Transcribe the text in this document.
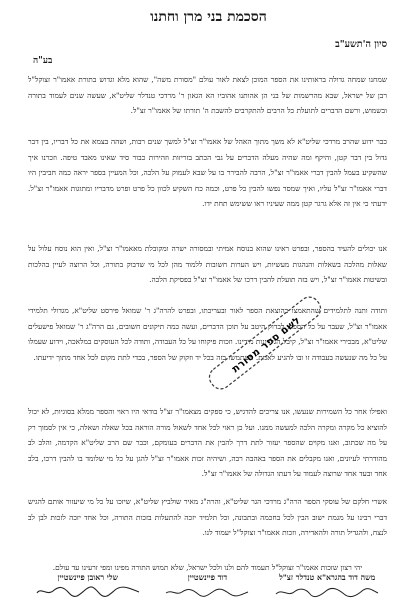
הסכמת בני מרן וחתנו
סיון ה'תשע"ב
בע"ה

שמחנו שמחה גדולה בראותינו את הספר המוכן לצאת לאור עולם "מסורת משה", שהוא מלא וגדוש בתורת אאמו"ר זצוקל"ל רבן של ישראל, שבא מהרשמות של בני הן אהותנו אהוביו הא הגאון ר' מרדכי טנדלר שליט"א, שעשה שנים לעמוד בתורה ובשמוש, ורשם הדברים לתועלת כל הרבים להתקרבים להשבת ה' תורתו של אאמו"ר זצ"ל.

כבר ידוע שהרב מרדכי שליט"א לא משך מתוך האהל של אאמו"ר זצ"ל למשך שנים רבות, ושהה בצמא את כל דבריו, בין דבר גדול בין דבר קטן, והיקף ומה שהיה מעלה הדברים על גבי הכתב בזריזות וזהירות כבור סיד שאינו מאבד טיפה. וזכרנו איך שהשקיע בעמל להבין דברי אאמו"ר זצ"ל, הרבה להבירר בו על שבא לעמוק על הלכה, וכל המעיין בספר יראה כמה חביבין היו דברי אאמו"ר זצ"ל עליו, ואיך שמסר נפשו להבין כל פרט, וכמה כח השקיע לכוון כל פרט ופרט מדבריו ומתוגות אאמו"ר זצ"ל. ידעתי כי אין זה אלא גרגר קטן ממה שעיניו ראו ששימש תחת ידו.

אנו יכולים להעיד בהספר, ובפרט ראינו שהוא בנוסח אמיתי ובמסורה ישרה ומקובלת מאאמו"ר זצ"ל, ואין הוא נוסח עלול על שאלות מהלכה בשאלות והנהגות מעשיות, ויש הערות חשובות ללמוד מהן לכל מי שדבוק בתורה, וכל הרוצה לעיין בהלכות ובשיטות אאמו"ר זצ"ל, ויש בזה תועלת להבין דרכו של אאמו"ר זצ"ל בפסיקת הלכה.

ותודה ותנה לתלמידים שהתאמצו בהוצאת הספר לאור ובעריכתו, ובפרט להרה"ג ר' שמואל פירסט שליט"א, מגדולי תלמידי אאמו"ר זצ"ל, שעבר על כל הספר, לבדוק היטב על תוכן הדברים, ועשה כמה תיקונים חשובים, גם הרה"ג ר' שמואל פישעלים שליט"א, מבכירי אאמו"ר זצ"ל, קיבל הגלויונות מידינו. וזכות פיקוחו על כל העבודה, ותודה לכל העוסקים במלאכה, וידוע שעמלו על כל מה שנעשה בעבודה זו ובו להגיע לאמת. וישתמשו בזה בכל יד וזקוק של הספר, בכדי לתת מקום לכל אחד מתוך ידיעתו.

ואפילו אחר כל השמירות שנעשו, אנו צריכים להדגיש, כי ספקים מצאמו"ר זצ"ל בודאי היו ראוי והספר ממלא בסוגיות, לא יכול להוציא כל מקרה ומקרה הלכה למעשה ממנו. ועל כן ראוי לכל אחד לשאול מורה הוראה בכל שאלה ושאלה, כי אין לסמוך רק על מה שכתוב, ואנו מקוים שהספר יעזור לתת דרך להבין את הדברים בעומקם, וכבר שם הרב שליט"א הקדמה, והלב לב מהודרתי לעיונים, ואנו מקבלים את הספר באהבה רבה, ושיהיה זכות אאמו"ר זצ"ל להגן על כל מי שלומד בו להבין דרכו, בלב אחד ובעד אחד שרוצה לעמוד על דעתו הגדולה של אאמו"ר זצ"ל.

אשרי חלקם של עוסקי הספר הרה"ג מרדכי הגר שליט"א, והרה"ג מאיר שולביץ שליט"א, שיזכו על כל מי שיעזור אותם להגיש דברי רבינו על מגמת ישוב הבין לכל בחכמה ובתבונה, וכל תלמיד יזכה להתעלות בזכות התורה, וכל אחד יזכה לזכות לבן לב לנצח, ולהגדיל תורה ולהאדירה, וזכות אאמו"ר זצוקל"ל יעמוד לנו.

יהי רצון שזכות אאמו"ר זצוקל"ל תעמוד להם ולנו ולכל ישראל, שלא תמוש התורה מפינו ומפי זרעינו עד עולם.

לשם ספר מסורת
משה דוד בהגרא"א טנדלר זצ"ל
דוד פיינשטיין
שלי ראובן פיינשטיין
